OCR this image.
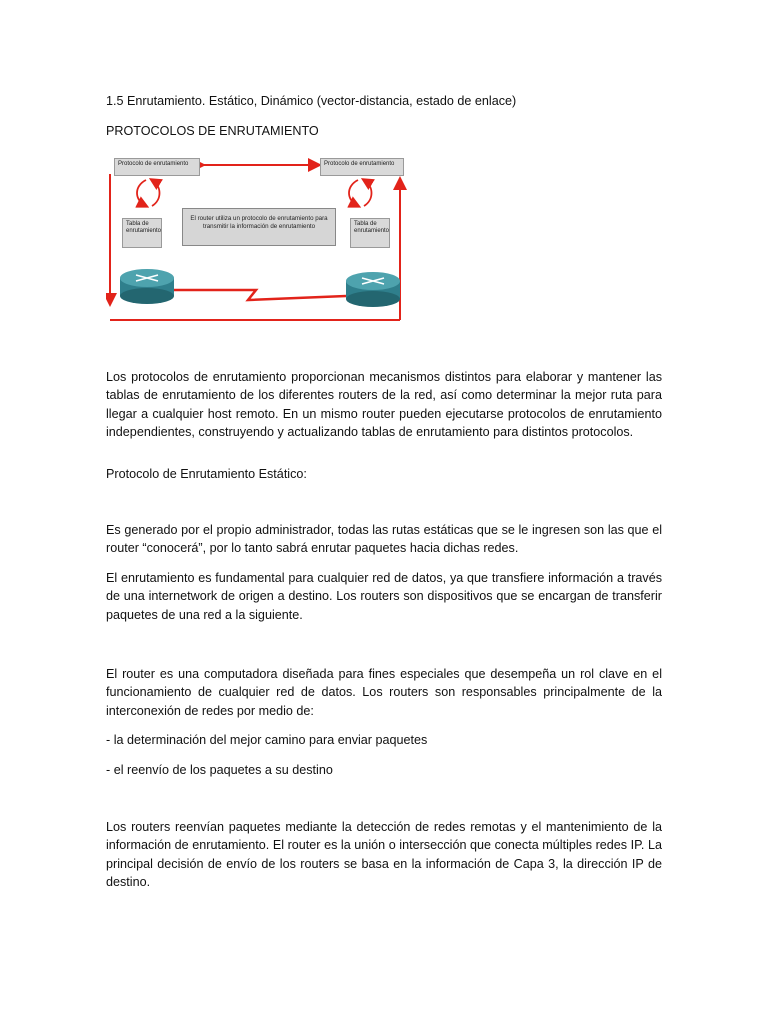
1.5 Enrutamiento. Estático, Dinámico (vector-distancia, estado de enlace)

PROTOCOLOS DE ENRUTAMIENTO

Protocolo de enrutamiento	Protocolo de enrutamiento
Tabla de enrutamiento
Tabla de enrutamiento
El router utiliza un protocolo de enrutamiento para transmitir la información de enrutamiento

Los protocolos de enrutamiento proporcionan mecanismos distintos para elaborar y mantener las tablas de enrutamiento de los diferentes routers de la red, así como determinar la mejor ruta para llegar a cualquier host remoto. En un mismo router pueden ejecutarse protocolos de enrutamiento independientes, construyendo y actualizando tablas de enrutamiento para distintos protocolos.

Protocolo de Enrutamiento Estático:

Es generado por el propio administrador, todas las rutas estáticas que se le ingresen son las que el router “conocerá”, por lo tanto sabrá enrutar paquetes hacia dichas redes.

El enrutamiento es fundamental para cualquier red de datos, ya que transfiere información a través de una internetwork de origen a destino. Los routers son dispositivos que se encargan de transferir paquetes de una red a la siguiente.

El router es una computadora diseñada para fines especiales que desempeña un rol clave en el funcionamiento de cualquier red de datos. Los routers son responsables principalmente de la interconexión de redes por medio de:

- la determinación del mejor camino para enviar paquetes

- el reenvío de los paquetes a su destino

Los routers reenvían paquetes mediante la detección de redes remotas y el mantenimiento de la información de enrutamiento. El router es la unión o intersección que conecta múltiples redes IP. La principal decisión de envío de los routers se basa en la información de Capa 3, la dirección IP de destino.
